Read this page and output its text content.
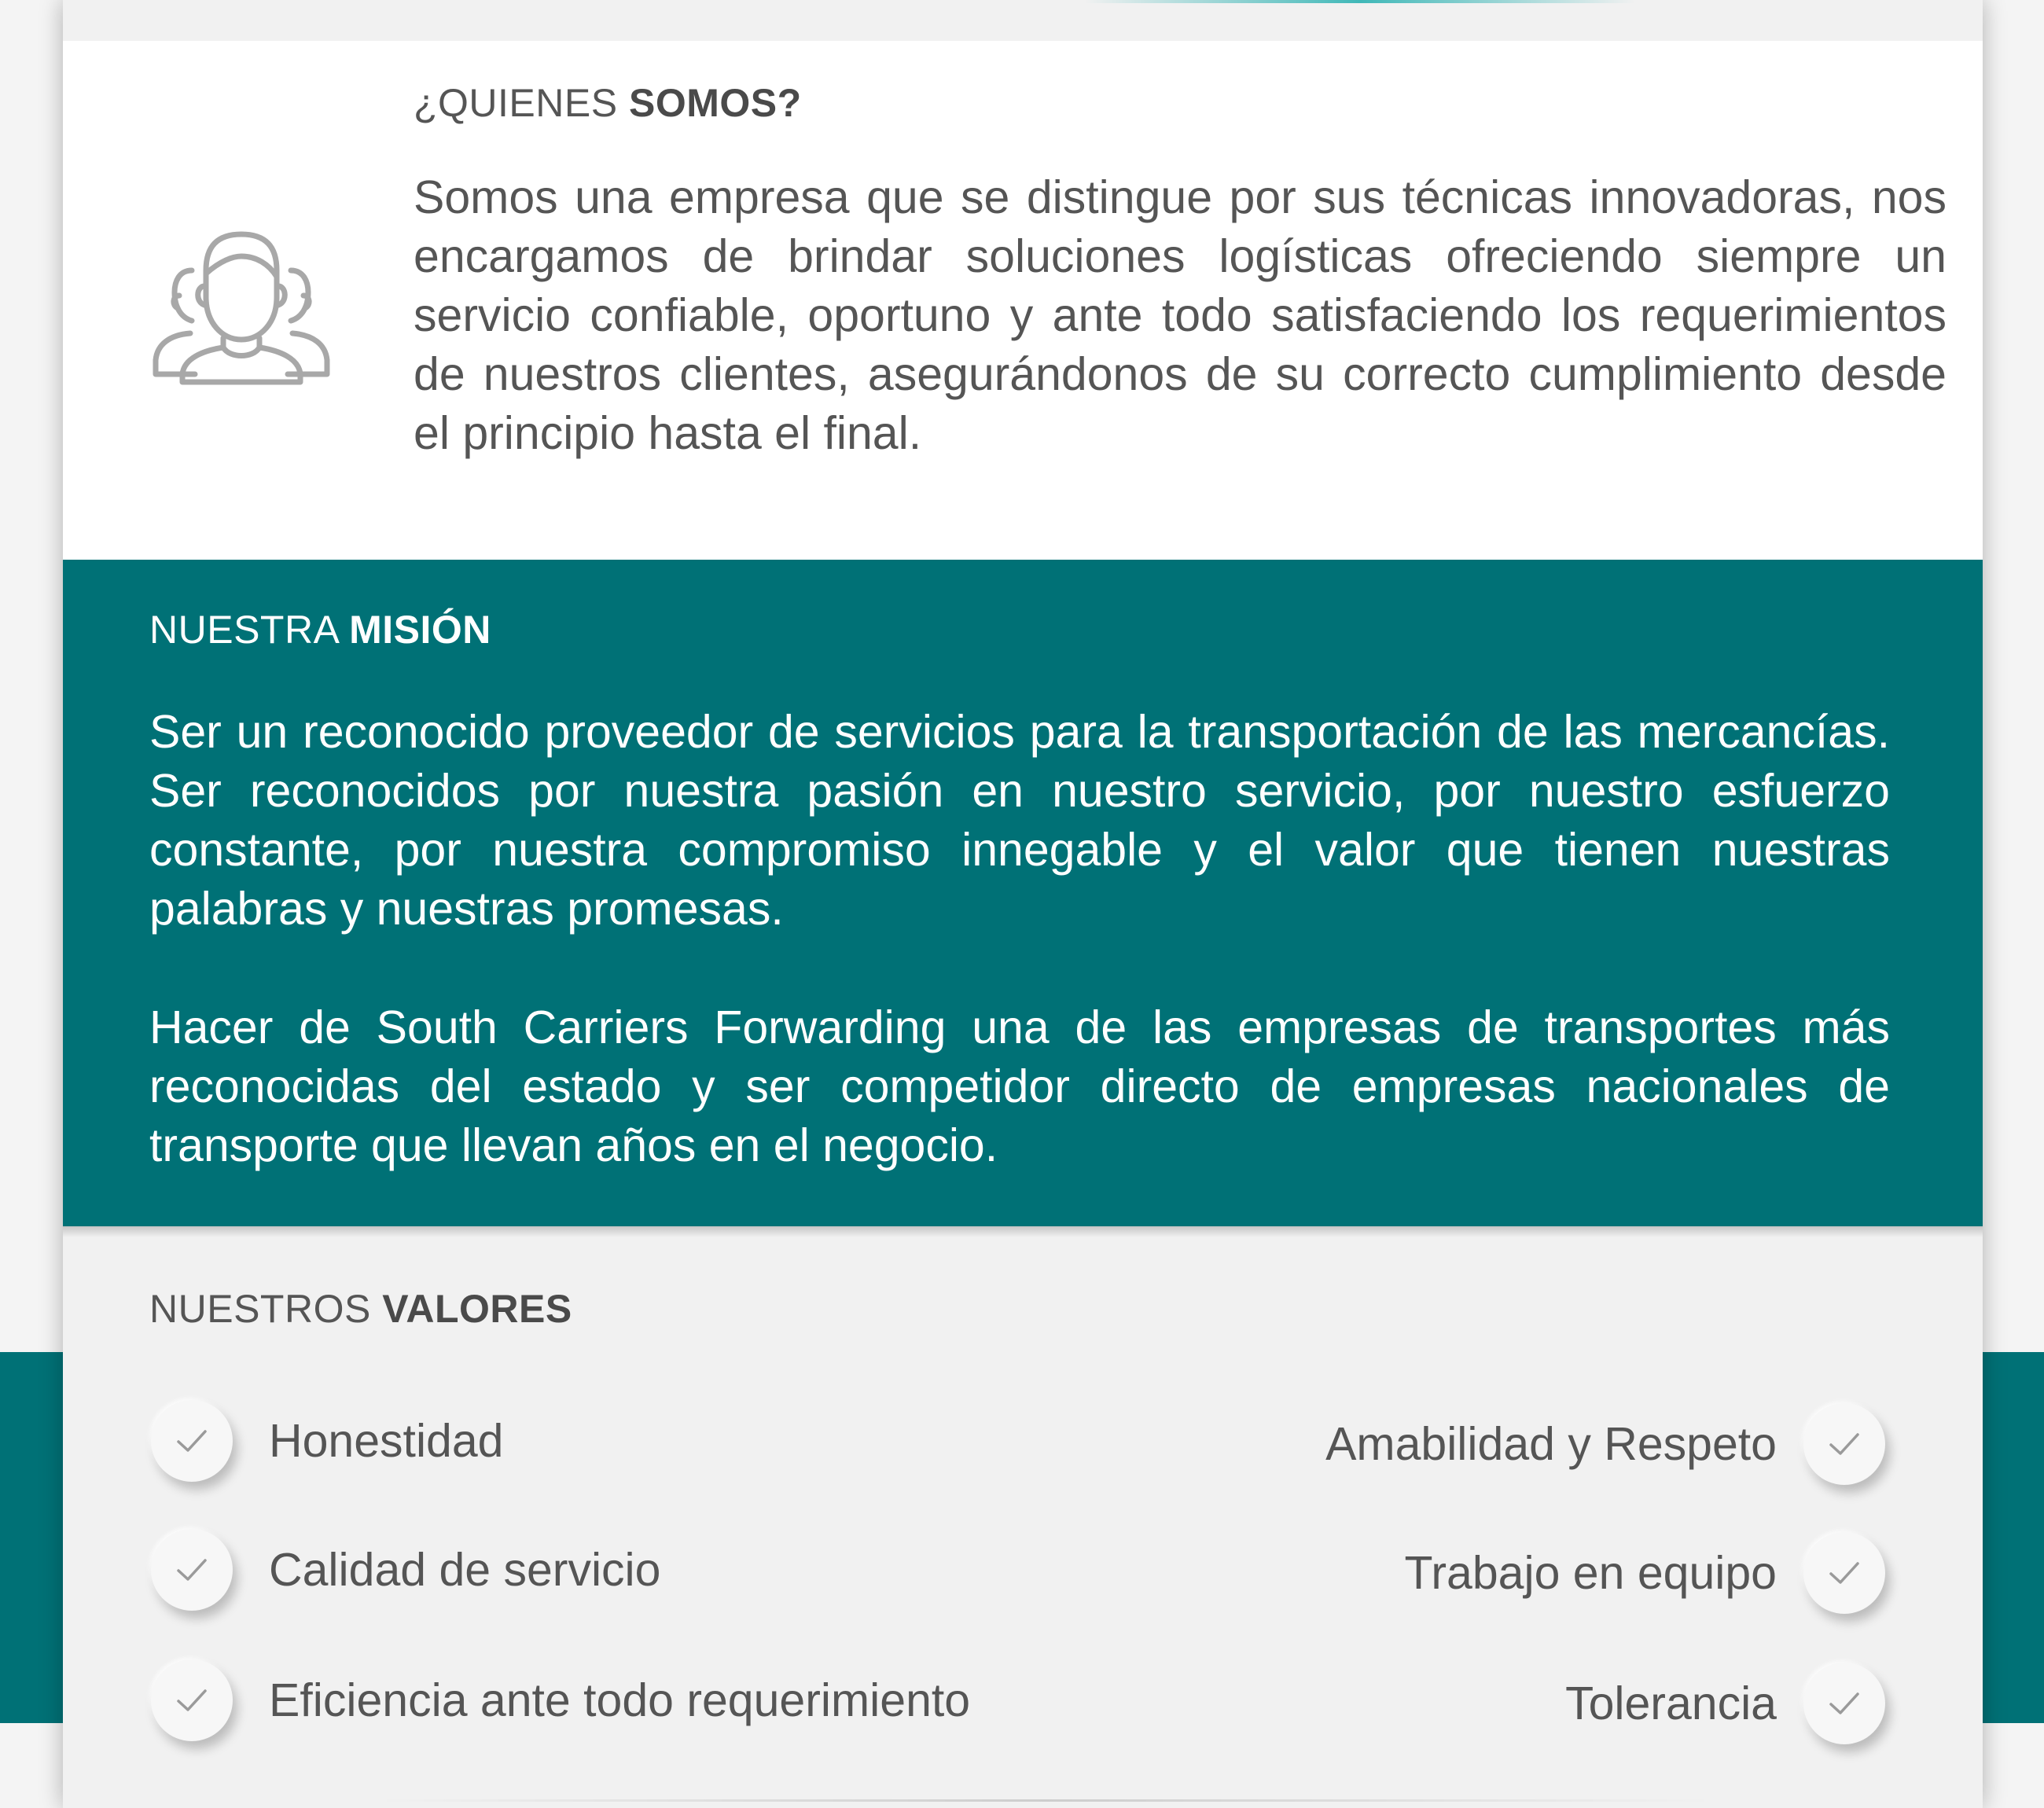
¿QUIENES SOMOS?

Somos una empresa que se distingue por sus técnicas innovadoras, nos encargamos de brindar soluciones logísticas ofreciendo siempre un servicio confiable, oportuno y ante todo satisfaciendo los requerimientos de nuestros clientes, asegurándonos de su correcto cumplimiento desde el principio hasta el final.

NUESTRA MISIÓN

Ser un reconocido proveedor de servicios para la transportación de las mercancías. Ser reconocidos por nuestra pasión en nuestro servicio, por nuestro esfuerzo constante, por nuestra compromiso innegable y el valor que tienen nuestras palabras y nuestras promesas.

Hacer de South Carriers Forwarding una de las empresas de transportes más reconocidas del estado y ser competidor directo de empresas nacionales de transporte que llevan años en el negocio.

NUESTROS VALORES
Honestidad
Calidad de servicio
Eficiencia ante todo requerimiento
Amabilidad y Respeto
Trabajo en equipo
Tolerancia
